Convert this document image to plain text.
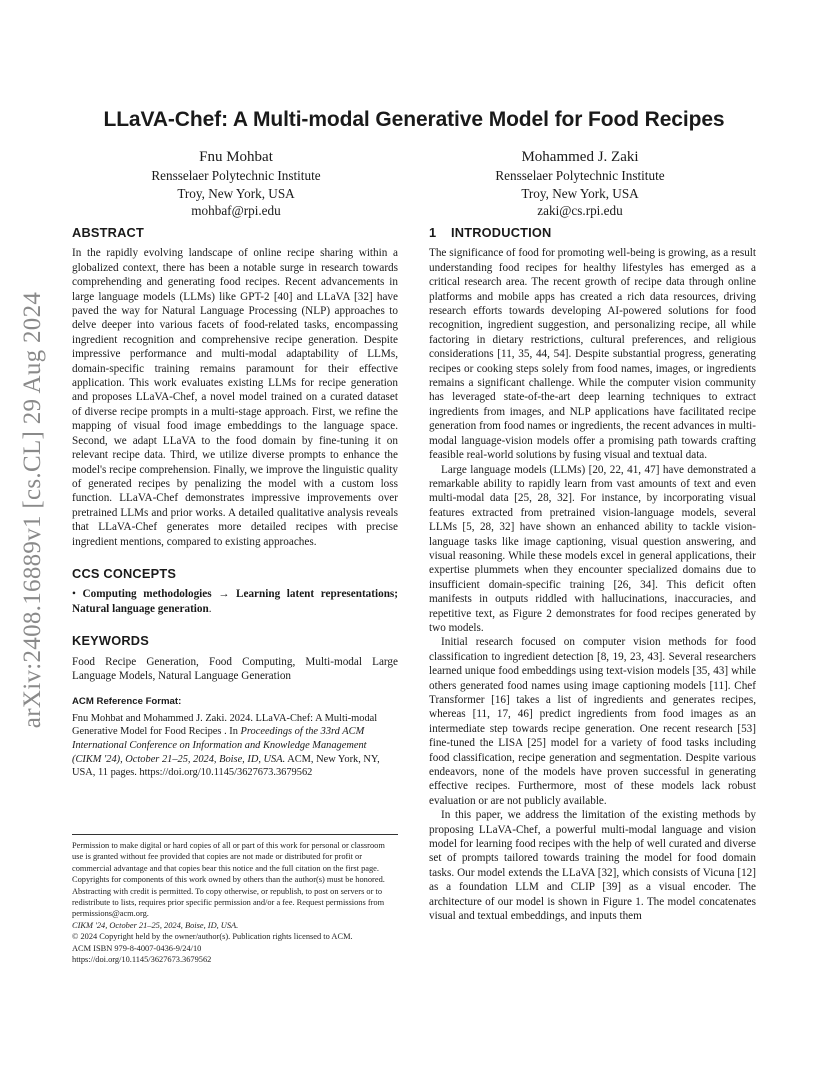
arXiv:2408.16889v1 [cs.CL] 29 Aug 2024
LLaVA-Chef: A Multi-modal Generative Model for Food Recipes
Fnu Mohbat
Rensselaer Polytechnic Institute
Troy, New York, USA
mohbaf@rpi.edu
Mohammed J. Zaki
Rensselaer Polytechnic Institute
Troy, New York, USA
zaki@cs.rpi.edu
ABSTRACT

In the rapidly evolving landscape of online recipe sharing within a globalized context, there has been a notable surge in research towards comprehending and generating food recipes. Recent advancements in large language models (LLMs) like GPT-2 [40] and LLaVA [32] have paved the way for Natural Language Processing (NLP) approaches to delve deeper into various facets of food-related tasks, encompassing ingredient recognition and comprehensive recipe generation. Despite impressive performance and multi-modal adaptability of LLMs, domain-specific training remains paramount for their effective application. This work evaluates existing LLMs for recipe generation and proposes LLaVA-Chef, a novel model trained on a curated dataset of diverse recipe prompts in a multi-stage approach. First, we refine the mapping of visual food image embeddings to the language space. Second, we adapt LLaVA to the food domain by fine-tuning it on relevant recipe data. Third, we utilize diverse prompts to enhance the model's recipe comprehension. Finally, we improve the linguistic quality of generated recipes by penalizing the model with a custom loss function. LLaVA-Chef demonstrates impressive improvements over pretrained LLMs and prior works. A detailed qualitative analysis reveals that LLaVA-Chef generates more detailed recipes with precise ingredient mentions, compared to existing approaches.

CCS CONCEPTS

• Computing methodologies → Learning latent representations; Natural language generation.

KEYWORDS

Food Recipe Generation, Food Computing, Multi-modal Large Language Models, Natural Language Generation

ACM Reference Format:

Fnu Mohbat and Mohammed J. Zaki. 2024. LLaVA-Chef: A Multi-modal Generative Model for Food Recipes . In Proceedings of the 33rd ACM International Conference on Information and Knowledge Management (CIKM '24), October 21–25, 2024, Boise, ID, USA. ACM, New York, NY, USA, 11 pages. https://doi.org/10.1145/3627673.3679562

Permission to make digital or hard copies of all or part of this work for personal or classroom use is granted without fee provided that copies are not made or distributed for profit or commercial advantage and that copies bear this notice and the full citation on the first page. Copyrights for components of this work owned by others than the author(s) must be honored. Abstracting with credit is permitted. To copy otherwise, or republish, to post on servers or to redistribute to lists, requires prior specific permission and/or a fee. Request permissions from permissions@acm.org.
CIKM '24, October 21–25, 2024, Boise, ID, USA.
© 2024 Copyright held by the owner/author(s). Publication rights licensed to ACM.
ACM ISBN 979-8-4007-0436-9/24/10
https://doi.org/10.1145/3627673.3679562
1 INTRODUCTION

The significance of food for promoting well-being is growing, as a result understanding food recipes for healthy lifestyles has emerged as a critical research area. The recent growth of recipe data through online platforms and mobile apps has created a rich data resources, driving research efforts towards developing AI-powered solutions for food recognition, ingredient suggestion, and personalizing recipe, all while factoring in dietary restrictions, cultural preferences, and religious considerations [11, 35, 44, 54]. Despite substantial progress, generating recipes or cooking steps solely from food names, images, or ingredients remains a significant challenge. While the computer vision community has leveraged state-of-the-art deep learning techniques to extract ingredients from images, and NLP applications have facilitated recipe generation from food names or ingredients, the recent advances in multi-modal language-vision models offer a promising path towards crafting feasible real-world solutions by fusing visual and textual data.

Large language models (LLMs) [20, 22, 41, 47] have demonstrated a remarkable ability to rapidly learn from vast amounts of text and even multi-modal data [25, 28, 32]. For instance, by incorporating visual features extracted from pretrained vision-language models, several LLMs [5, 28, 32] have shown an enhanced ability to tackle vision-language tasks like image captioning, visual question answering, and visual reasoning. While these models excel in general applications, their expertise plummets when they encounter specialized domains due to insufficient domain-specific training [26, 34]. This deficit often manifests in outputs riddled with hallucinations, inaccuracies, and repetitive text, as Figure 2 demonstrates for food recipes generated by two models.

Initial research focused on computer vision methods for food classification to ingredient detection [8, 19, 23, 43]. Several researchers learned unique food embeddings using text-vision models [35, 43] while others generated food names using image captioning models [11]. Chef Transformer [16] takes a list of ingredients and generates recipes, whereas [11, 17, 46] predict ingredients from food images as an intermediate step towards recipe generation. One recent research [53] fine-tuned the LISA [25] model for a variety of food tasks including food classification, recipe generation and segmentation. Despite various endeavors, none of the models have proven successful in generating effective recipes. Furthermore, most of these models lack robust evaluation or are not publicly available.

In this paper, we address the limitation of the existing methods by proposing LLaVA-Chef, a powerful multi-modal language and vision model for learning food recipes with the help of well curated and diverse set of prompts tailored towards training the model for food domain tasks. Our model extends the LLaVA [32], which consists of Vicuna [12] as a foundation LLM and CLIP [39] as a visual encoder. The architecture of our model is shown in Figure 1. The model concatenates visual and textual embeddings, and inputs them
